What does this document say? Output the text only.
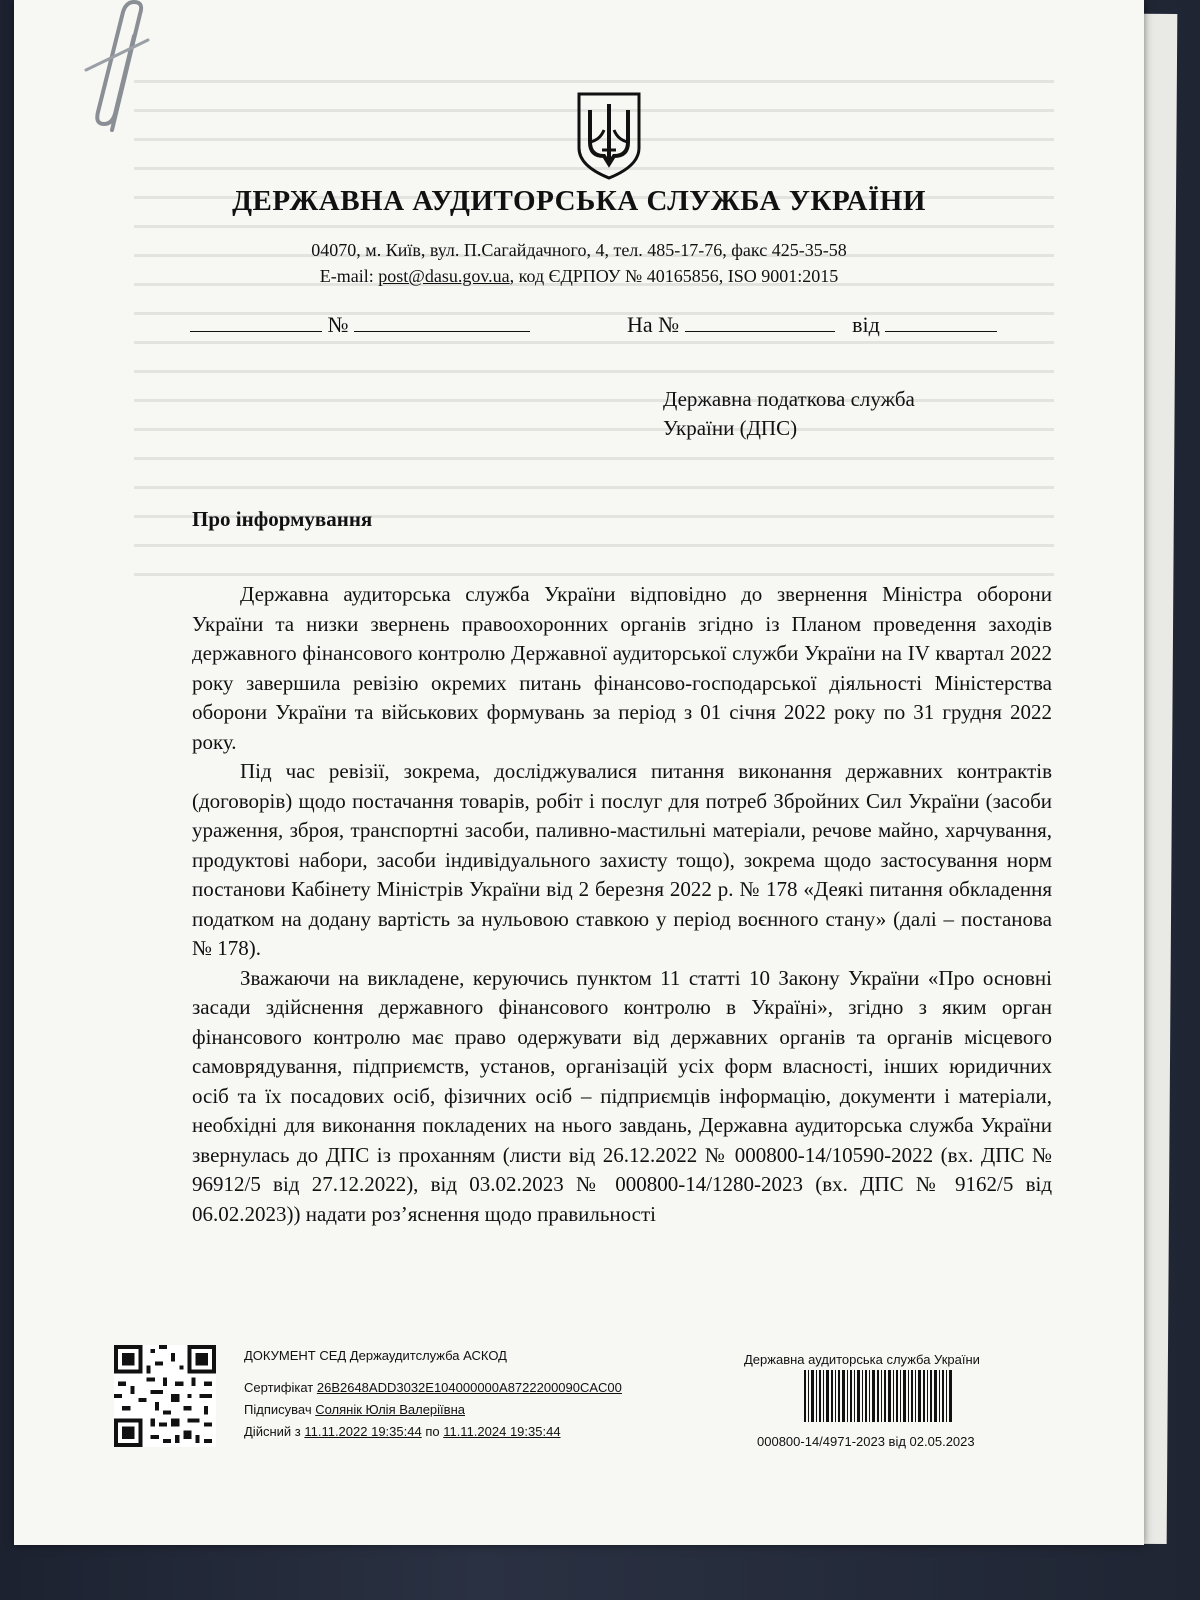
ДЕРЖАВНА АУДИТОРСЬКА СЛУЖБА УКРАЇНИ
04070, м. Київ, вул. П.Сагайдачного, 4, тел. 485-17-76, факс 425-35-58
E-mail: post@dasu.gov.ua, код ЄДРПОУ № 40165856, ISO 9001:2015
№	На №	від
Державна податкова служба
України (ДПС)
Про інформування

Державна аудиторська служба України відповідно до звернення Міністра оборони України та низки звернень правоохоронних органів згідно із Планом проведення заходів державного фінансового контролю Державної аудиторської служби України на IV квартал 2022 року завершила ревізію окремих питань фінансово-господарської діяльності Міністерства оборони України та військових формувань за період з 01 січня 2022 року по 31 грудня 2022 року.

Під час ревізії, зокрема, досліджувалися питання виконання державних контрактів (договорів) щодо постачання товарів, робіт і послуг для потреб Збройних Сил України (засоби ураження, зброя, транспортні засоби, паливно-мастильні матеріали, речове майно, харчування, продуктові набори, засоби індивідуального захисту тощо), зокрема щодо застосування норм постанови Кабінету Міністрів України від 2 березня 2022 р. № 178 «Деякі питання обкладення податком на додану вартість за нульовою ставкою у період воєнного стану» (далі – постанова № 178).

Зважаючи на викладене, керуючись пунктом 11 статті 10 Закону України «Про основні засади здійснення державного фінансового контролю в Україні», згідно з яким орган фінансового контролю має право одержувати від державних органів та органів місцевого самоврядування, підприємств, установ, організацій усіх форм власності, інших юридичних осіб та їх посадових осіб, фізичних осіб – підприємців інформацію, документи і матеріали, необхідні для виконання покладених на нього завдань, Державна аудиторська служба України звернулась до ДПС із проханням (листи від 26.12.2022 № 000800-14/10590-2022 (вх. ДПС № 96912/5 від 27.12.2022), від 03.02.2023 № 000800-14/1280-2023 (вх. ДПС № 9162/5 від 06.02.2023)) надати роз’яснення щодо правильності

ДОКУМЕНТ СЕД Держаудитслужба АСКОД
Сертифікат 26B2648ADD3032E104000000A8722200090CAC00
Підписувач Солянік Юлія Валеріївна
Дійсний з 11.11.2022 19:35:44 по 11.11.2024 19:35:44
Державна аудиторська служба України
000800-14/4971-2023 від 02.05.2023
